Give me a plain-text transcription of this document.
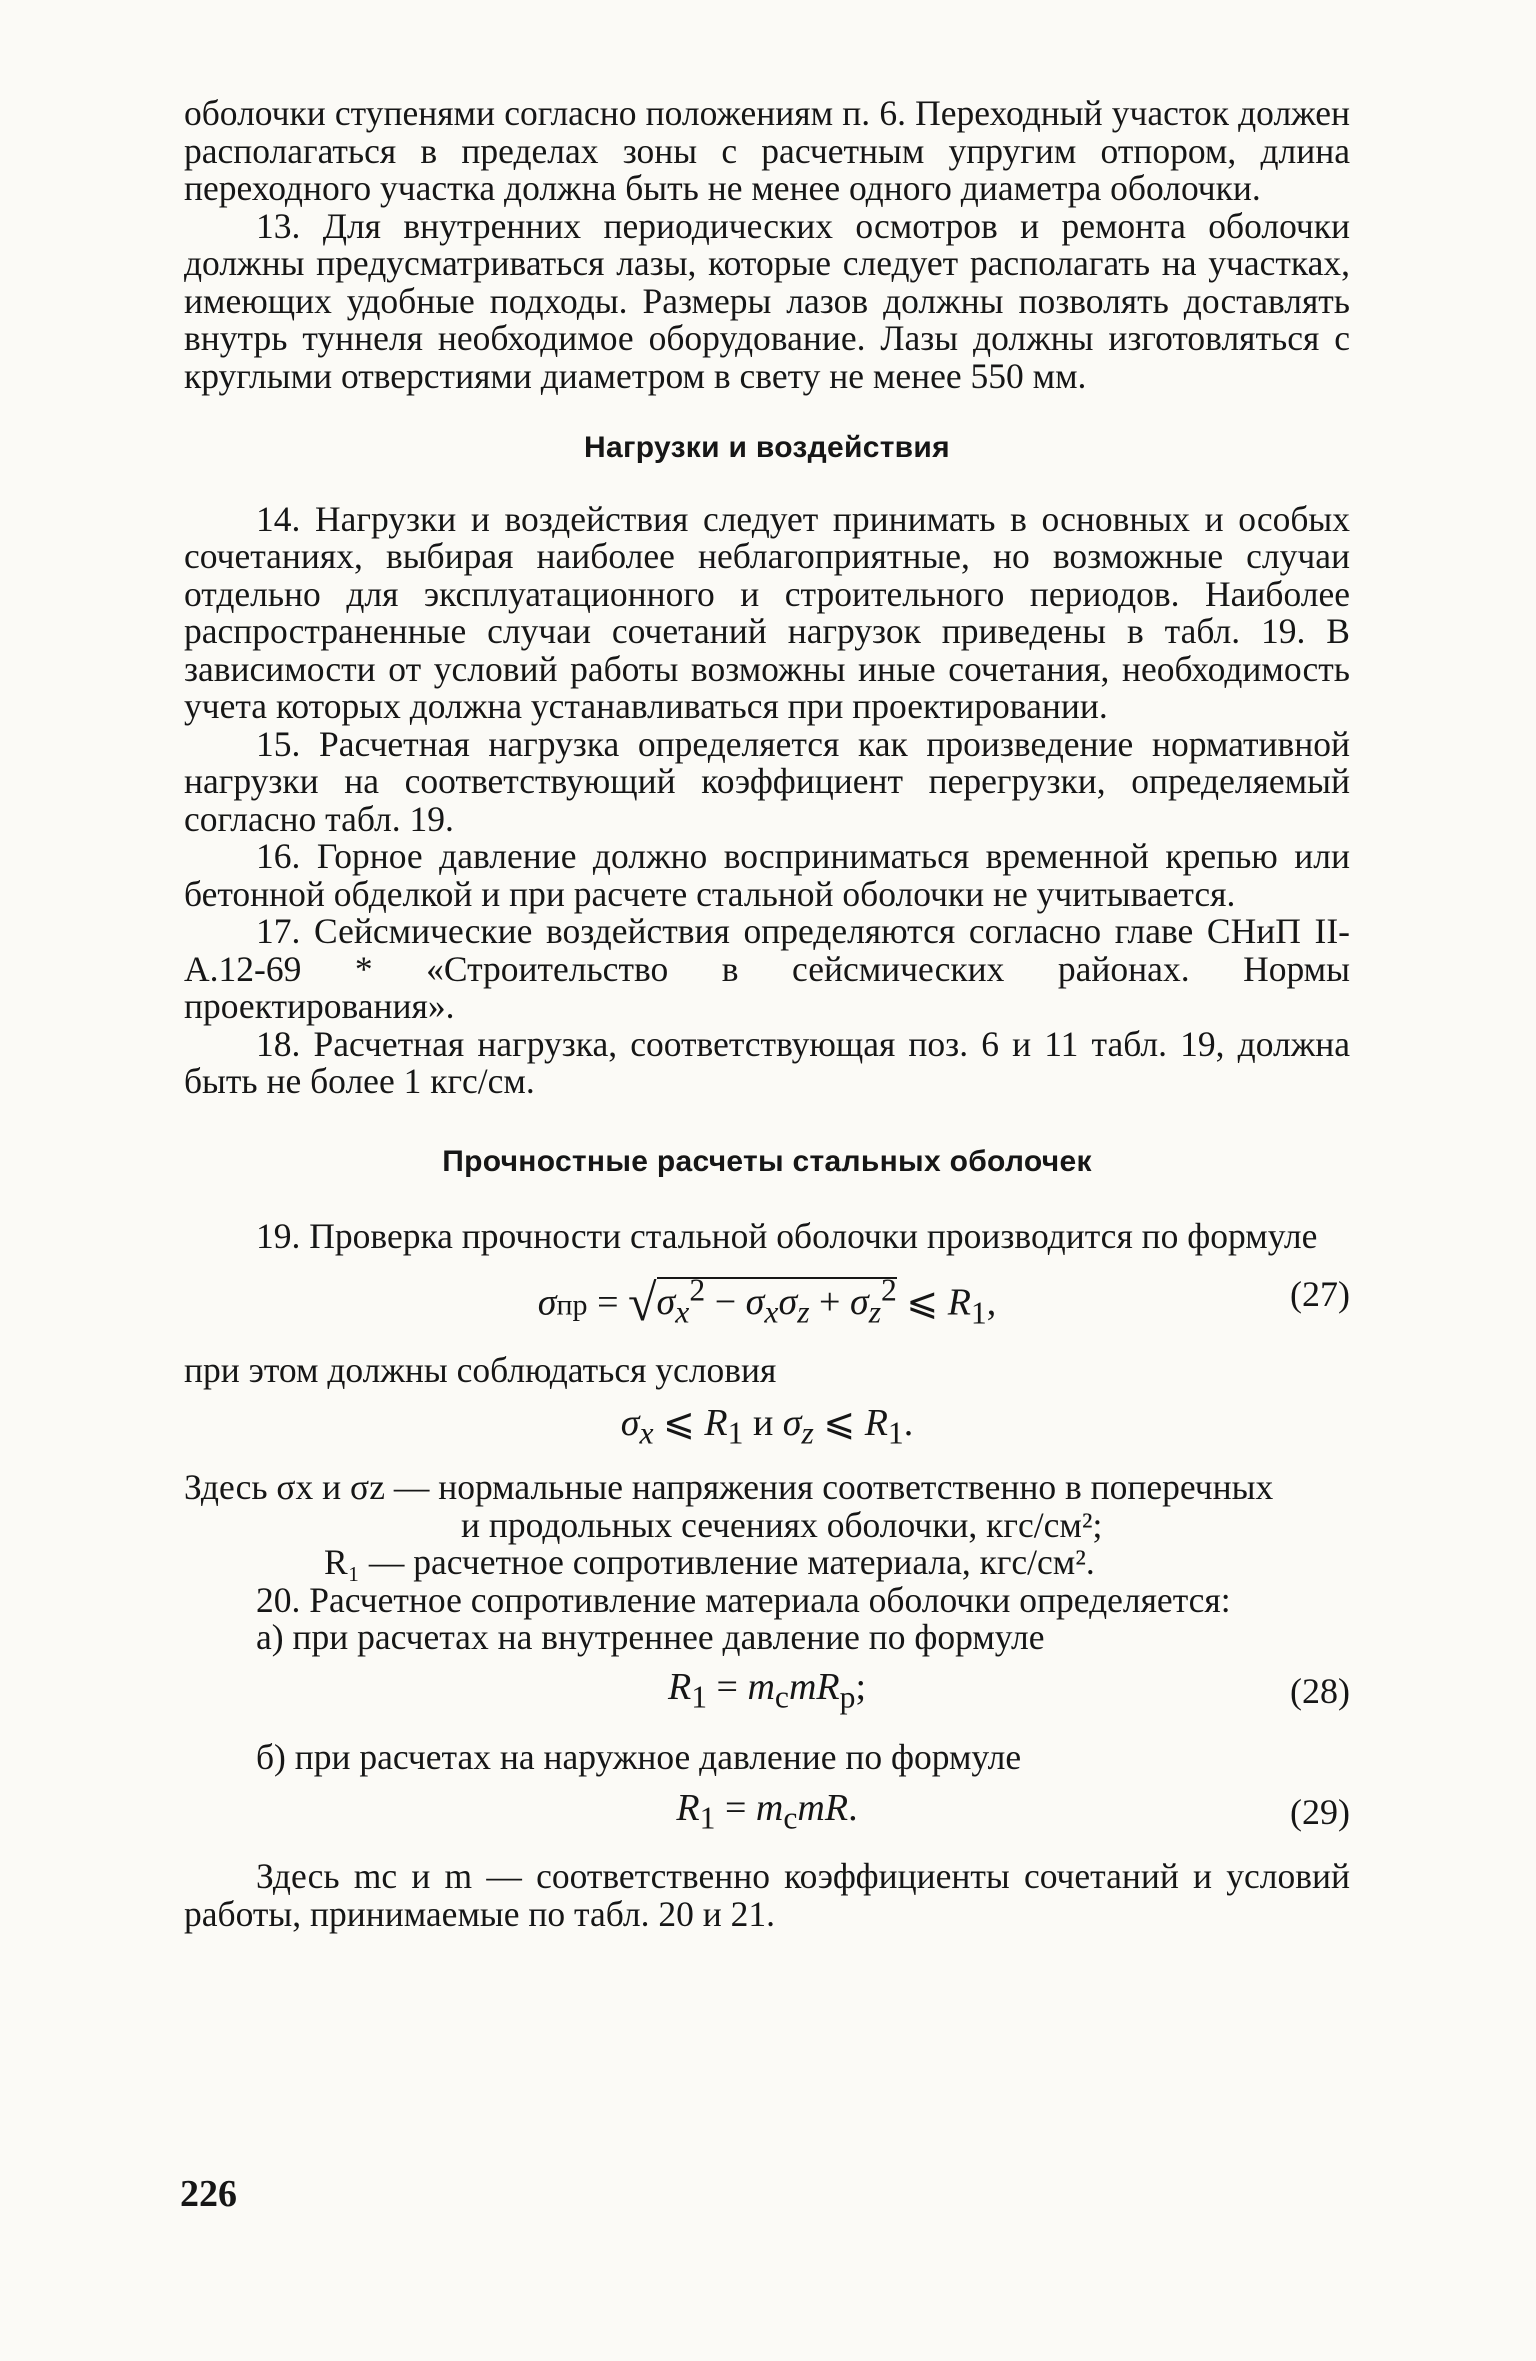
оболочки ступенями согласно положениям п. 6. Переходный участок должен располагаться в пределах зоны с расчетным упругим отпором, длина переходного участка должна быть не менее одного диаметра оболочки.

13. Для внутренних периодических осмотров и ремонта оболочки должны предусматриваться лазы, которые следует располагать на участках, имеющих удобные подходы. Размеры лазов должны позволять доставлять внутрь туннеля необходимое оборудование. Лазы должны изготовляться с круглыми отверстиями диаметром в свету не менее 550 мм.

Нагрузки и воздействия

14. Нагрузки и воздействия следует принимать в основных и особых сочетаниях, выбирая наиболее неблагоприятные, но возможные случаи отдельно для эксплуатационного и строительного периодов. Наиболее распространенные случаи сочетаний нагрузок приведены в табл. 19. В зависимости от условий работы возможны иные сочетания, необходимость учета которых должна устанавливаться при проектировании.

15. Расчетная нагрузка определяется как произведение нормативной нагрузки на соответствующий коэффициент перегрузки, определяемый согласно табл. 19.

16. Горное давление должно восприниматься временной крепью или бетонной обделкой и при расчете стальной оболочки не учитывается.

17. Сейсмические воздействия определяются согласно главе СНиП II-А.12-69 * «Строительство в сейсмических районах. Нормы проектирования».

18. Расчетная нагрузка, соответствующая поз. 6 и 11 табл. 19, должна быть не более 1 кгс/см.

Прочностные расчеты стальных оболочек

19. Проверка прочности стальной оболочки производится по формуле

$\sigma пр = √\sigma_x^2 - \sigma_x\sigma_z + \sigma_z^2$ ⩽ $R_1$,	(27)

при этом должны соблюдаться условия

$\sigma_x$ ⩽ $R_1$ и $\sigma_z$ ⩽ $R_1$.

Здесь σx и σz — нормальные напряжения соответственно в поперечных
и продольных сечениях оболочки, кгс/см²;
R₁ — расчетное сопротивление материала, кгс/см².

20. Расчетное сопротивление материала оболочки определяется:

а) при расчетах на внутреннее давление по формуле

$R_1 = m_сmR_р$;	(28)

б) при расчетах на наружное давление по формуле

$R_1 = m_сmR$.	(29)

Здесь mс и m — соответственно коэффициенты сочетаний и условий работы, принимаемые по табл. 20 и 21.

226
